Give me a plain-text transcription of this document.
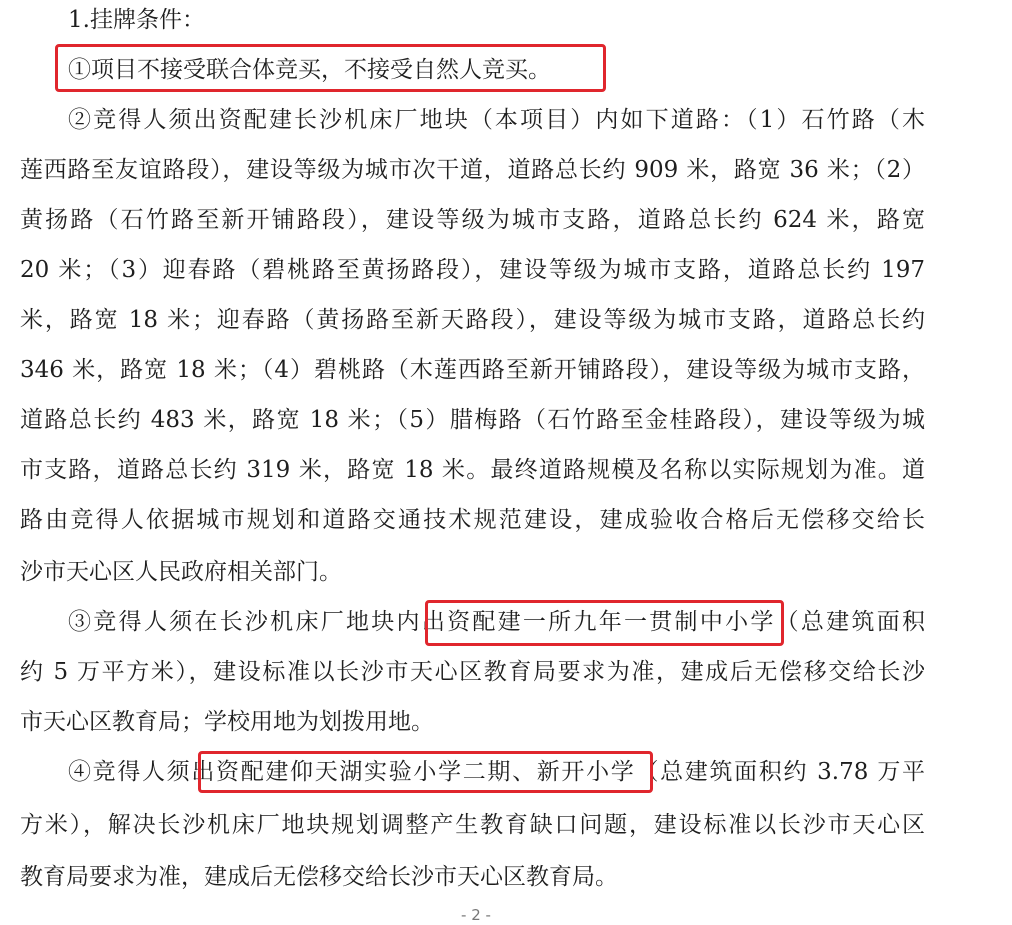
1.挂牌条件：
①项目不接受联合体竞买，不接受自然人竞买。
②竞得人须出资配建长沙机床厂地块（本项目）内如下道路：（1）石竹路（木
莲西路至友谊路段），建设等级为城市次干道，道路总长约 909 米，路宽 36 米；（2）
黄扬路（石竹路至新开铺路段），建设等级为城市支路，道路总长约 624 米，路宽
20 米；（3）迎春路（碧桃路至黄扬路段），建设等级为城市支路，道路总长约 197
米，路宽 18 米；迎春路（黄扬路至新天路段），建设等级为城市支路，道路总长约
346 米，路宽 18 米；（4）碧桃路（木莲西路至新开铺路段），建设等级为城市支路，
道路总长约 483 米，路宽 18 米；（5）腊梅路（石竹路至金桂路段），建设等级为城
市支路，道路总长约 319 米，路宽 18 米。最终道路规模及名称以实际规划为准。道
路由竞得人依据城市规划和道路交通技术规范建设，建成验收合格后无偿移交给长
沙市天心区人民政府相关部门。
③竞得人须在长沙机床厂地块内出资配建一所九年一贯制中小学（总建筑面积
约 5 万平方米），建设标准以长沙市天心区教育局要求为准，建成后无偿移交给长沙
市天心区教育局；学校用地为划拨用地。
④竞得人须出资配建仰天湖实验小学二期、新开小学（总建筑面积约 3.78 万平
方米），解决长沙机床厂地块规划调整产生教育缺口问题，建设标准以长沙市天心区
教育局要求为准，建成后无偿移交给长沙市天心区教育局。
- 2 -
